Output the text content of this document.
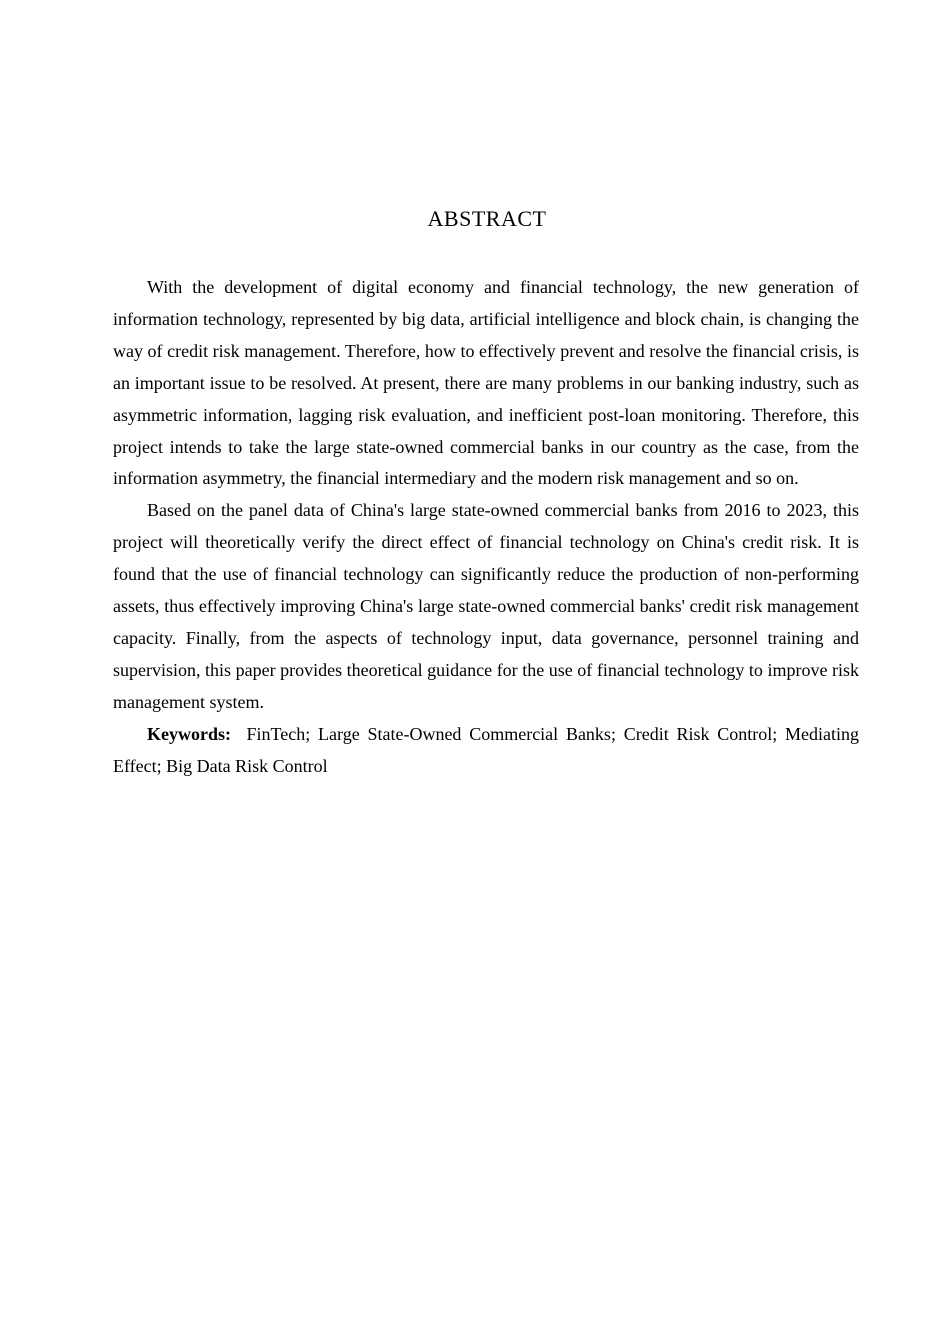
ABSTRACT

With the development of digital economy and financial technology, the new generation of information technology, represented by big data, artificial intelligence and block chain, is changing the way of credit risk management. Therefore, how to effectively prevent and resolve the financial crisis, is an important issue to be resolved. At present, there are many problems in our banking industry, such as asymmetric information, lagging risk evaluation, and inefficient post-loan monitoring. Therefore, this project intends to take the large state-owned commercial banks in our country as the case, from the information asymmetry, the financial intermediary and the modern risk management and so on.

Based on the panel data of China's large state-owned commercial banks from 2016 to 2023, this project will theoretically verify the direct effect of financial technology on China's credit risk. It is found that the use of financial technology can significantly reduce the production of non-performing assets, thus effectively improving China's large state-owned commercial banks' credit risk management capacity. Finally, from the aspects of technology input, data governance, personnel training and supervision, this paper provides theoretical guidance for the use of financial technology to improve risk management system.

Keywords: FinTech; Large State-Owned Commercial Banks; Credit Risk Control; Mediating Effect; Big Data Risk Control
